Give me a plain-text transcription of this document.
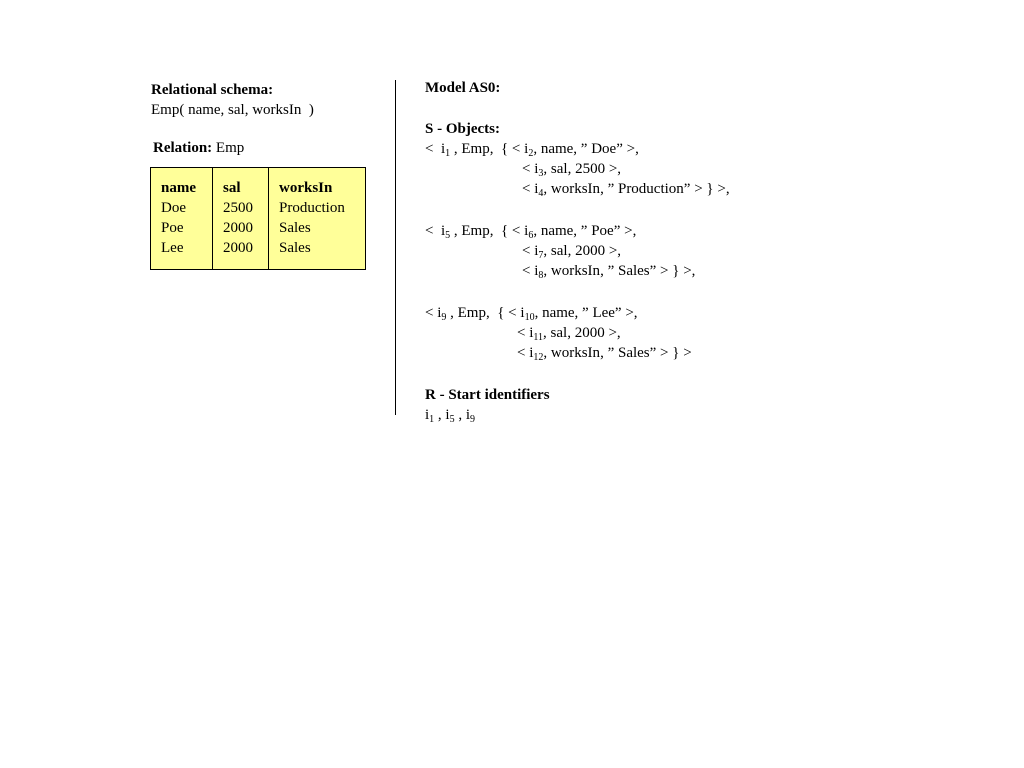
Relational schema:
Emp( name, sal, worksIn  )
Relation: Emp
name
Doe
Poe
Lee
sal
2500
2000
2000
worksIn
Production
Sales
Sales
Model AS0:
S - Objects:
<  $i_1$ , Emp,  { < $i_2$, name, ” Doe” >,
< $i_3$, sal, 2500 >,
< $i_4$, worksIn, ” Production” > } >,
<  $i_5$ , Emp,  { < $i_6$, name, ” Poe” >,
< $i_7$, sal, 2000 >,
< $i_8$, worksIn, ” Sales” > } >,
< $i_9$ , Emp,  { < $i_{10}$, name, ” Lee” >,
< $i_{11}$, sal, 2000 >,
< $i_{12}$, worksIn, ” Sales” > } >
R - Start identifiers
$i_1$ , $i_5$ , $i_9$
